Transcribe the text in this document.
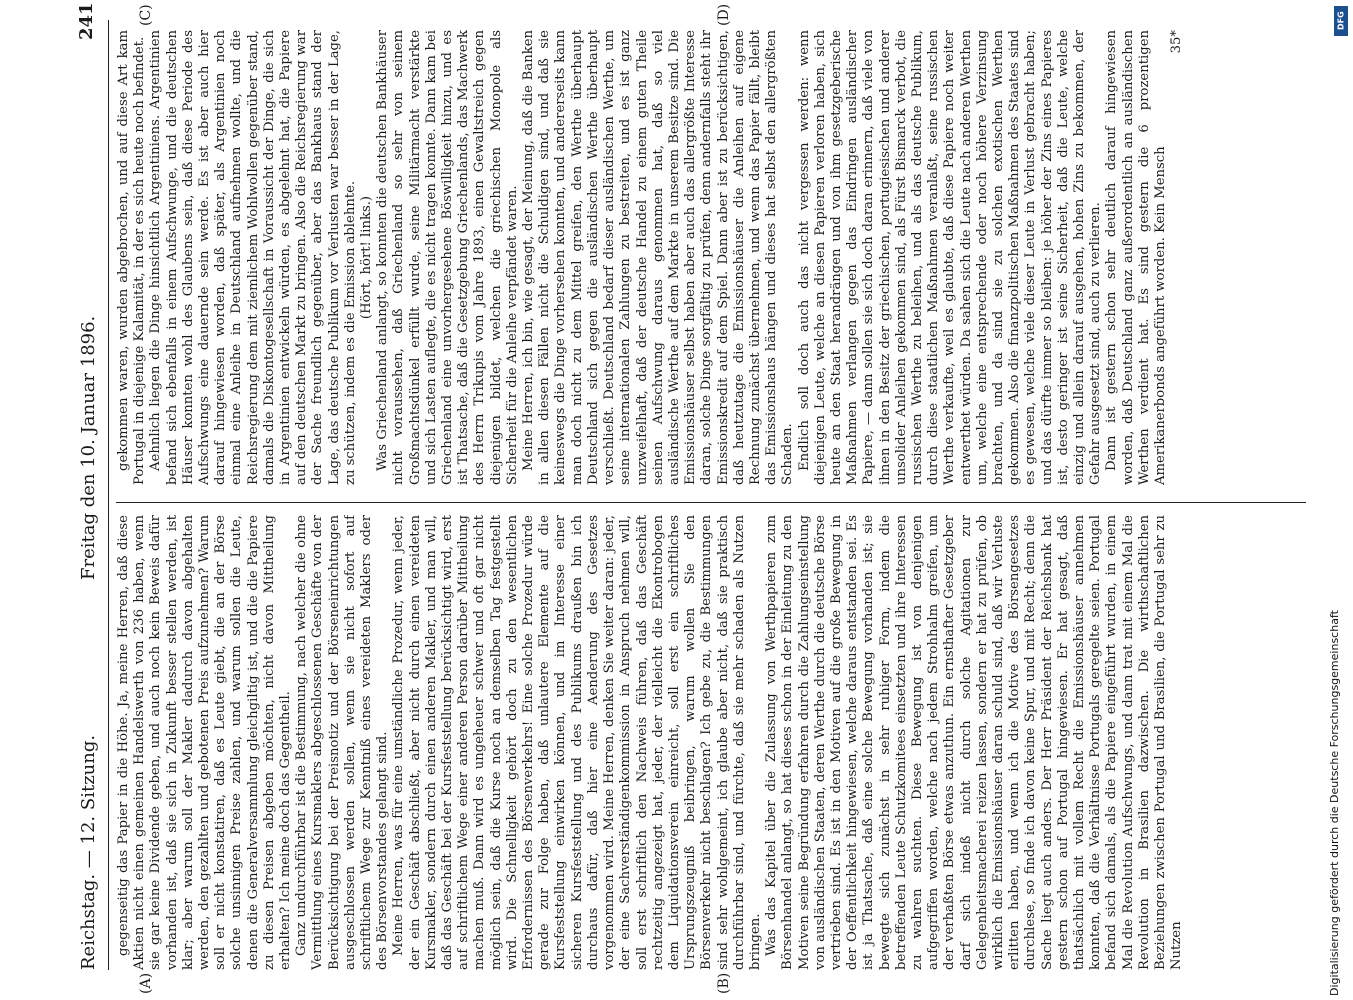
Reichstag. — 12. Sitzung.
Freitag den 10. Januar 1896.
241
(A)	(B)
(C)	(D)

gegenseitig das Papier in die Höhe. Ja, meine Herren, daß diese Aktien nicht einen gemeinen Handelswerth von 236 haben, wenn sie gar keine Dividende geben, und auch noch kein Beweis dafür vorhanden ist, daß sie sich in Zukunft besser stellen werden, ist klar; aber warum soll der Makler dadurch davon abgehalten werden, den gezahlten und gebotenen Preis aufzunehmen? Warum soll er nicht konstatiren, daß es Leute giebt, die an der Börse solche unsinnigen Preise zahlen, und warum sollen die Leute, denen die Generalversammlung gleichgiltig ist, und die die Papiere zu diesen Preisen abgeben möchten, nicht davon Mittheilung erhalten? Ich meine doch das Gegentheil. Ganz undurchführbar ist die Bestimmung, nach welcher die ohne Vermittlung eines Kursmaklers abgeschlossenen Geschäfte von der Berücksichtigung bei der Preisnotiz und der Börseneinrichtungen ausgeschlossen werden sollen, wenn sie nicht sofort auf schriftlichem Wege zur Kenntniß eines vereideten Maklers oder des Börsenvorstandes gelangt sind. Meine Herren, was für eine umständliche Prozedur, wenn jeder, der ein Geschäft abschließt, aber nicht durch einen vereideten Kursmakler, sondern durch einen anderen Makler, und man will, daß das Geschäft bei der Kursfeststellung berücksichtigt wird, erst auf schriftlichem Wege einer anderen Person darüber Mittheilung machen muß. Dann wird es ungeheuer schwer und oft gar nicht möglich sein, daß die Kurse noch an demselben Tag festgestellt wird. Die Schnelligkeit gehört doch zu den wesentlichen Erfordernissen des Börsenverkehrs! Eine solche Prozedur würde gerade zur Folge haben, daß unlautere Elemente auf die Kursfeststellung einwirken können, und im Interesse einer sicheren Kursfeststellung und des Publikums draußen bin ich durchaus dafür, daß hier eine Aenderung des Gesetzes vorgenommen wird. Meine Herren, denken Sie weiter daran: jeder, der eine Sachverständigenkommission in Anspruch nehmen will, soll erst schriftlich den Nachweis führen, daß das Geschäft rechtzeitig angezeigt hat, jeder, der vielleicht die Ekontrobogen dem Liquidationsverein einreicht, soll erst ein schriftliches Ursprungszeugniß beibringen, warum wollen Sie den Börsenverkehr nicht beschlagen? Ich gebe zu, die Bestimmungen sind sehr wohlgemeint, ich glaube aber nicht, daß sie praktisch durchführbar sind, und fürchte, daß sie mehr schaden als Nutzen bringen. Was das Kapitel über die Zulassung von Werthpapieren zum Börsenhandel anlangt, so hat dieses schon in der Einleitung zu den Motiven seine Begründung erfahren durch die Zahlungseinstellung von ausländischen Staaten, deren Werthe durch die deutsche Börse vertrieben sind. Es ist in den Motiven auf die große Bewegung in der Oeffentlichkeit hingewiesen, welche daraus entstanden sei. Es ist ja Thatsache, daß eine solche Bewegung vorhanden ist; sie bewegte sich zunächst in sehr ruhiger Form, indem die betreffenden Leute Schutzkomitees einsetzten und ihre Interessen zu wahren suchten. Diese Bewegung ist von denjenigen aufgegriffen worden, welche nach jedem Strohhalm greifen, um der verhaßten Börse etwas anzuthun. Ein ernsthafter Gesetzgeber darf sich indeß nicht durch solche Agitationen zur Gelegenheitsmacherei reizen lassen, sondern er hat zu prüfen, ob wirklich die Emissionshäuser daran schuld sind, daß wir Verluste erlitten haben, und wenn ich die Motive des Börsengesetzes durchlese, so finde ich davon keine Spur, und mit Recht; denn die Sache liegt auch anders. Der Herr Präsident der Reichsbank hat gestern schon auf Portugal hingewiesen. Er hat gesagt, daß thatsächlich mit vollem Recht die Emissionshäuser annehmen konnten, daß die Verhältnisse Portugals geregelte seien. Portugal befand sich damals, als die Papiere eingeführt wurden, in einem Mal die Revolution Aufschwungs, und dann trat mit einem Mal die Revolution in Brasilien dazwischen. Die wirthschaftlichen Beziehungen zwischen Portugal und Brasilien, die Portugal sehr zu Nutzen

gekommen waren, wurden abgebrochen, und auf diese Art kam Portugal in diejenige Kalamität, in der es sich heute noch befindet. Aehnlich liegen die Dinge hinsichtlich Argentiniens. Argentinien befand sich ebenfalls in einem Aufschwunge, und die deutschen Häuser konnten wohl des Glaubens sein, daß diese Periode des Aufschwungs eine dauernde sein werde. Es ist aber auch hier darauf hingewiesen worden, daß später, als Argentinien noch einmal eine Anleihe in Deutschland aufnehmen wollte, und die Reichsregierung dem mit ziemlichem Wohlwollen gegenüber stand, damals die Diskontogesellschaft in Voraussicht der Dinge, die sich in Argentinien entwickeln würden, es abgelehnt hat, die Papiere auf den deutschen Markt zu bringen. Also die Reichsregierung war der Sache freundlich gegenüber, aber das Bankhaus stand der Lage, das deutsche Publikum vor Verlusten war besser in der Lage, zu schützen, indem es die Emission ablehnte. (Hört, hört! links.) Was Griechenland anlangt, so konnten die deutschen Bankhäuser nicht voraussehen, daß Griechenland so sehr von seinem Großmachtsdünkel erfüllt wurde, seine Militärmacht verstärkte und sich Lasten auflegte, die es nicht tragen konnte. Dann kam bei Griechenland eine unvorhergesehene Böswilligkeit hinzu, und es ist Thatsache, daß die Gesetzgebung Griechenlands, das Machwerk des Herrn Trikupis vom Jahre 1893, einen Gewaltstreich gegen diejenigen bildet, welchen die griechischen Monopole als Sicherheit für die Anleihe verpfändet waren. Meine Herren, ich bin, wie gesagt, der Meinung, daß die Banken in allen diesen Fällen nicht die Schuldigen sind, und daß sie keineswegs die Dinge vorhersehen konnten, und andererseits kann man doch nicht zu dem Mittel greifen, den Werthe überhaupt Deutschland sich gegen die ausländischen Werthe überhaupt verschließt. Deutschland bedarf dieser ausländischen Werthe, um seine internationalen Zahlungen zu bestreiten, und es ist ganz unzweifelhaft, daß der deutsche Handel zu einem guten Theile seinen Aufschwung daraus genommen hat, daß so viel ausländische Werthe auf dem Markte in unserem Besitze sind. Die Emissionshäuser selbst haben aber auch das allergrößte Interesse daran, solche Dinge sorgfältig zu prüfen, denn andernfalls steht ihr Emissionskredit auf dem Spiel. Dann aber ist zu berücksichtigen, daß heutzutage die Emissionshäuser die Anleihen auf eigene Rechnung zunächst übernehmen, und wenn das Papier fällt, bleibt das Emissionshaus hängen und dieses hat selbst den allergrößten Schaden. Endlich soll doch auch das nicht vergessen werden: wenn diejenigen Leute, welche an diesen Papieren verloren haben, sich heute an den Staat herandrängen und von ihm gesetzgeberische Maßnahmen verlangen gegen das Eindringen ausländischer Papiere, — dann sollen sie sich doch daran erinnern, daß viele von ihnen in den Besitz der griechischen, portugiesischen und anderer unsolider Anleihen gekommen sind, als Fürst Bismarck verbot, die russischen Werthe zu beleihen, und als das deutsche Publikum, durch diese staatlichen Maßnahmen veranlaßt, seine russischen Werthe verkaufte, weil es glaubte, daß diese Papiere noch weiter entwerthet würden. Da sahen sich die Leute nach anderen Werthen um, welche eine entsprechende oder noch höhere Verzinsung brachten, und da sind sie zu solchen exotischen Werthen gekommen. Also die finanzpolitischen Maßnahmen des Staates sind es gewesen, welche viele dieser Leute in Verlust gebracht haben; und das dürfte immer so bleiben: je höher der Zins eines Papieres ist, desto geringer ist seine Sicherheit, daß die Leute, welche einzig und allein darauf ausgehen, hohen Zins zu bekommen, der Gefahr ausgesetzt sind, auch zu verlieren. Dann ist gestern schon sehr deutlich darauf hingewiesen worden, daß Deutschland ganz außerordentlich an ausländischen Werthen verdient hat. Es sind gestern die 6 prozentigen Amerikanerbonds angeführt worden. Kein Mensch

35*

DFG
Digitalisierung gefördert durch die Deutsche Forschungsgemeinschaft
